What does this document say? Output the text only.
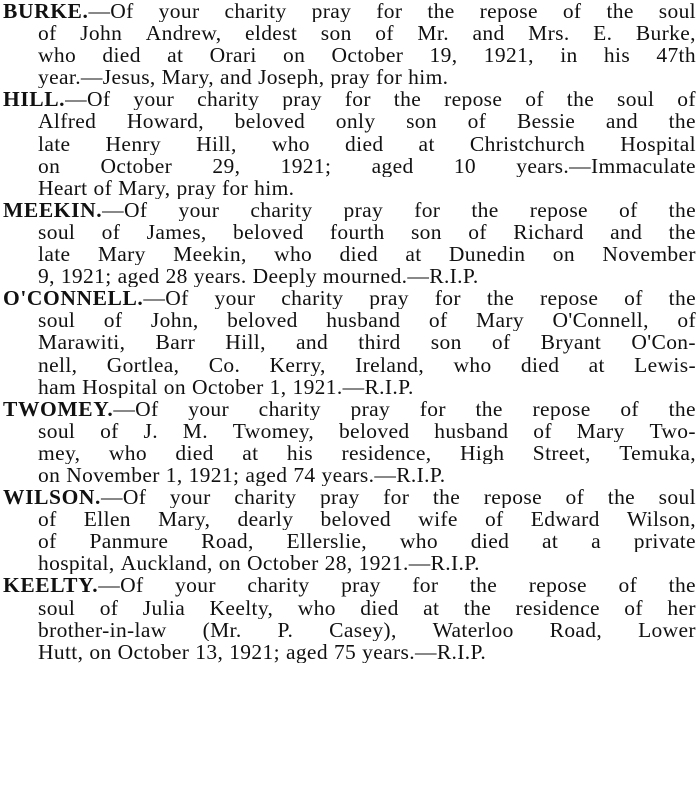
BURKE.—Of your charity pray for the repose of the soul
of John Andrew, eldest son of Mr. and Mrs. E. Burke,
who died at Orari on October 19, 1921, in his 47th
year.—Jesus, Mary, and Joseph, pray for him.
HILL.—Of your charity pray for the repose of the soul of
Alfred Howard, beloved only son of Bessie and the
late Henry Hill, who died at Christchurch Hospital
on October 29, 1921; aged 10 years.—Immaculate
Heart of Mary, pray for him.
MEEKIN.—Of your charity pray for the repose of the
soul of James, beloved fourth son of Richard and the
late Mary Meekin, who died at Dunedin on November
9, 1921; aged 28 years. Deeply mourned.—R.I.P.
O'CONNELL.—Of your charity pray for the repose of the
soul of John, beloved husband of Mary O'Connell, of
Marawiti, Barr Hill, and third son of Bryant O'Con-
nell, Gortlea, Co. Kerry, Ireland, who died at Lewis-
ham Hospital on October 1, 1921.—R.I.P.
TWOMEY.—Of your charity pray for the repose of the
soul of J. M. Twomey, beloved husband of Mary Two-
mey, who died at his residence, High Street, Temuka,
on November 1, 1921; aged 74 years.—R.I.P.
WILSON.—Of your charity pray for the repose of the soul
of Ellen Mary, dearly beloved wife of Edward Wilson,
of Panmure Road, Ellerslie, who died at a private
hospital, Auckland, on October 28, 1921.—R.I.P.
KEELTY.—Of your charity pray for the repose of the
soul of Julia Keelty, who died at the residence of her
brother-in-law (Mr. P. Casey), Waterloo Road, Lower
Hutt, on October 13, 1921; aged 75 years.—R.I.P.
